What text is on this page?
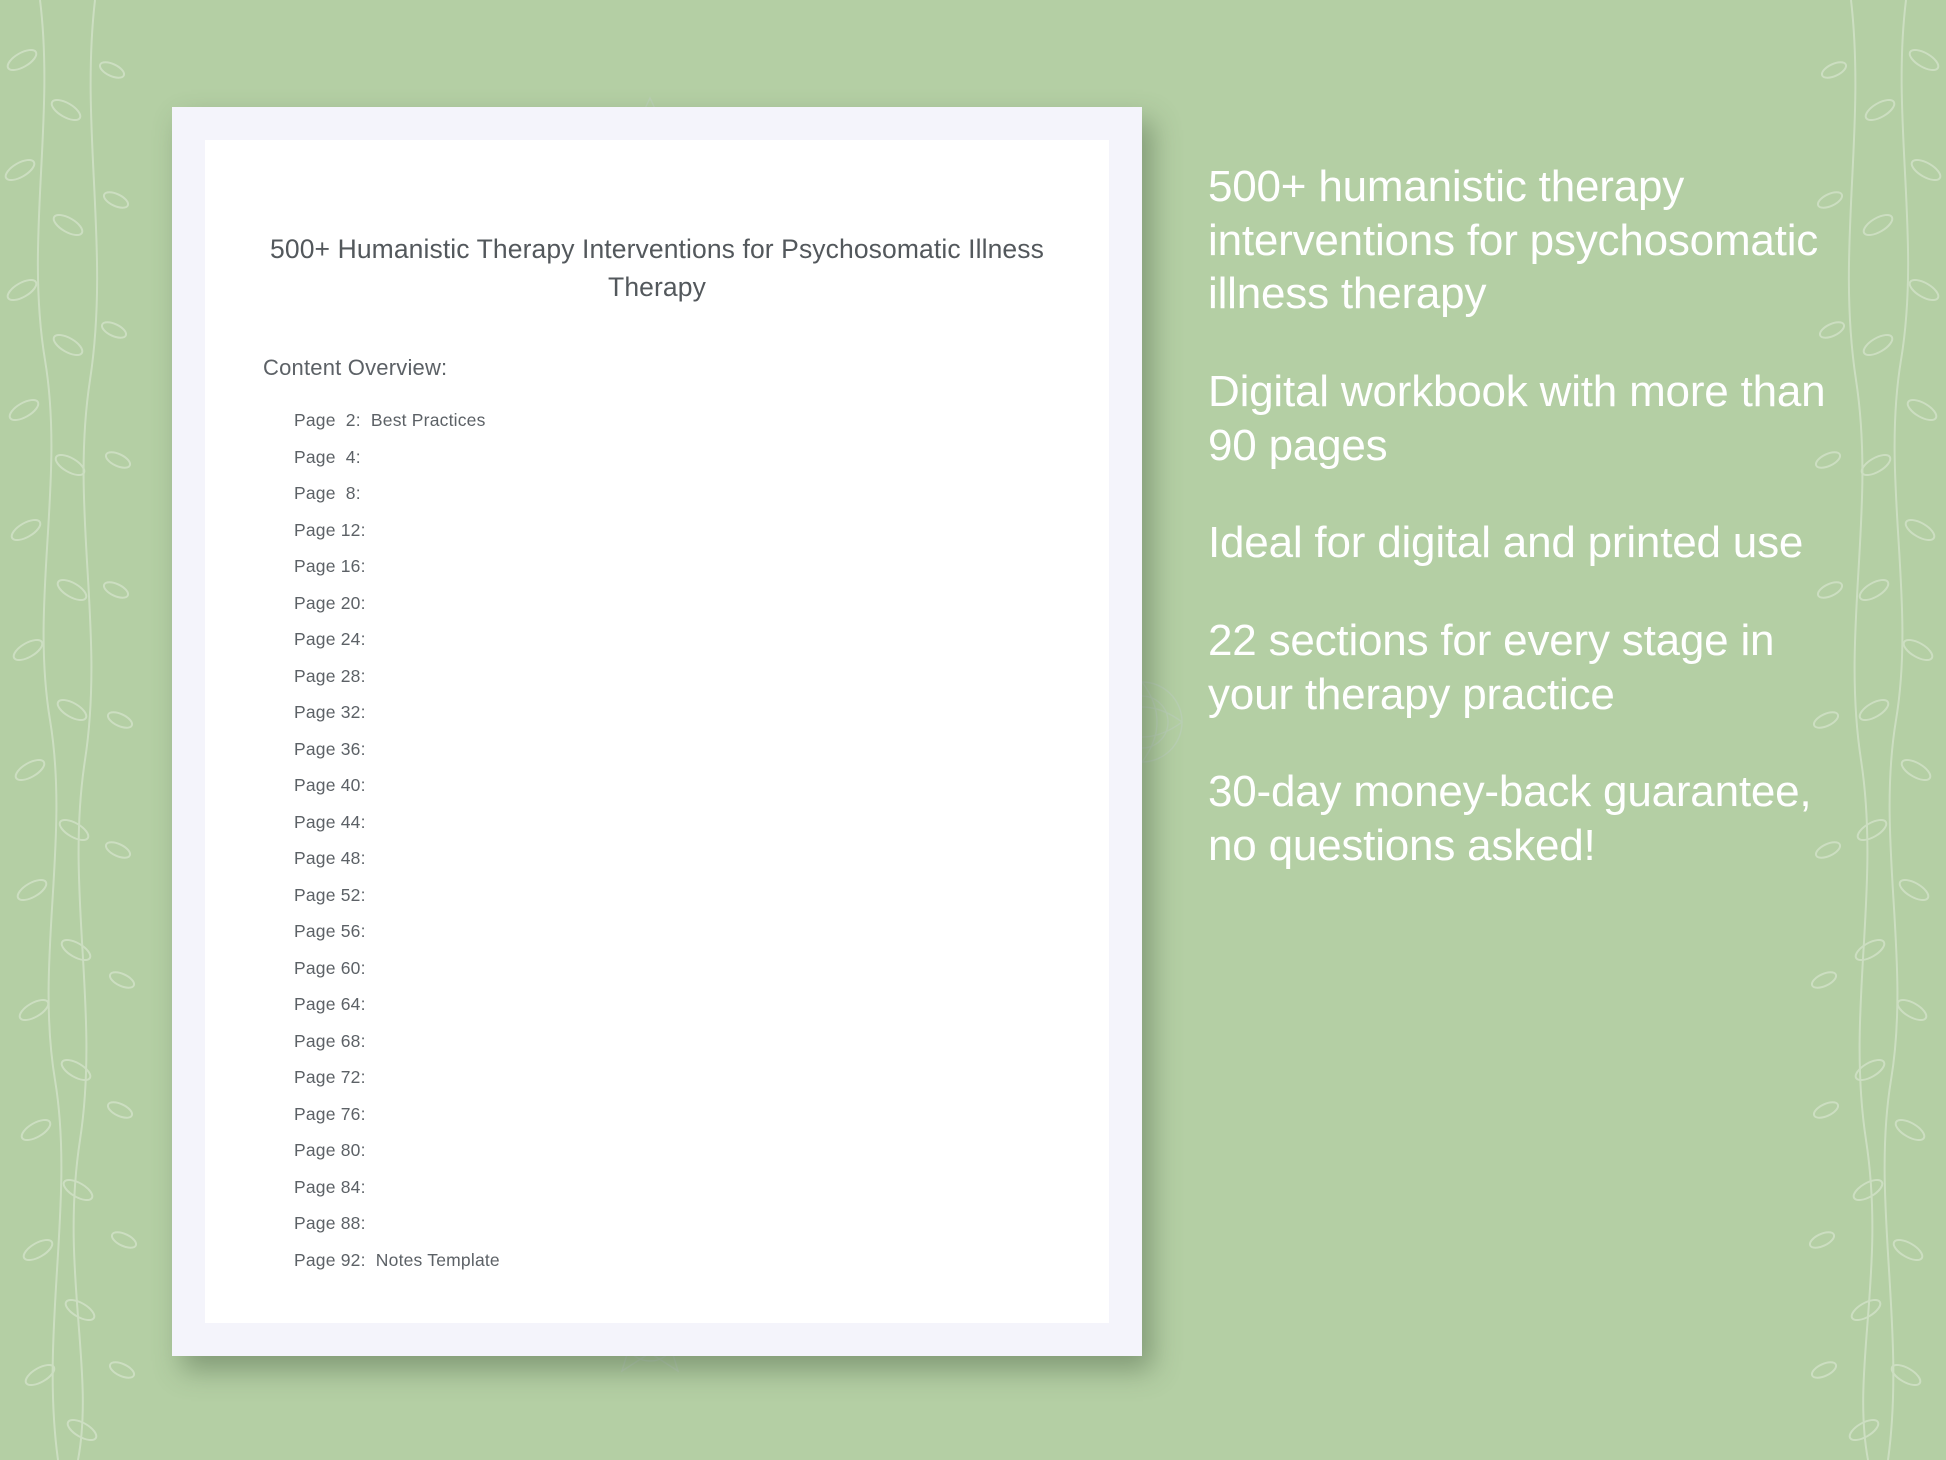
500+ Humanistic Therapy Interventions for Psychosomatic Illness Therapy
Content Overview:
Page  2:
Best Practices
Page  4:
Page  8:
Page 12:
Page 16:
Page 20:
Page 24:
Page 28:
Page 32:
Page 36:
Page 40:
Page 44:
Page 48:
Page 52:
Page 56:
Page 60:
Page 64:
Page 68:
Page 72:
Page 76:
Page 80:
Page 84:
Page 88:
Page 92:
Notes Template

500+ humanistic therapy interventions for psychosomatic illness therapy

Digital workbook with more than 90 pages

Ideal for digital and printed use

22 sections for every stage in your therapy practice

30-day money-back guarantee, no questions asked!
